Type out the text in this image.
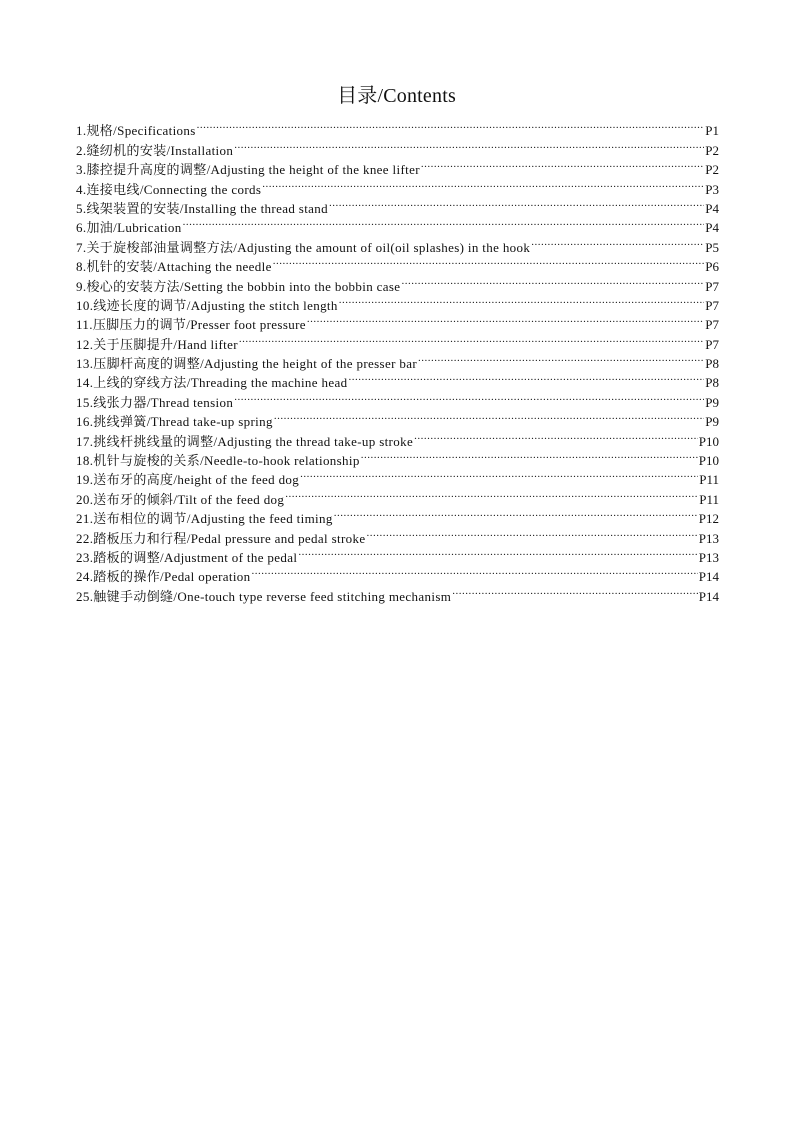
目录/Contents
1.规格/Specifications .....	P1
2.缝纫机的安装/Installation .....	P2
3.膝控提升高度的调整/Adjusting the height of the knee lifter .....	P2
4.连接电线/Connecting the cords .....	P3
5.线架装置的安装/Installing the thread stand .....	P4
6.加油/Lubrication .....	P4
7.关于旋梭部油量调整方法/Adjusting the amount of oil(oil splashes) in the hook .....	P5
8.机针的安装/Attaching the needle .....	P6
9.梭心的安装方法/Setting the bobbin into the bobbin case .....	P7
10.线迹长度的调节/Adjusting the stitch length .....	P7
11.压脚压力的调节/Presser foot pressure .....	P7
12.关于压脚提升/Hand lifter .....	P7
13.压脚杆高度的调整/Adjusting the height of the presser bar .....	P8
14.上线的穿线方法/Threading the machine head .....	P8
15.线张力器/Thread tension .....	P9
16.挑线弹簧/Thread take-up spring .....	P9
17.挑线杆挑线量的调整/Adjusting the thread take-up stroke .....	P10
18.机针与旋梭的关系/Needle-to-hook relationship .....	P10
19.送布牙的高度/height of the feed dog .....	P11
20.送布牙的倾斜/Tilt of the feed dog .....	P11
21.送布相位的调节/Adjusting the feed timing .....	P12
22.踏板压力和行程/Pedal pressure and pedal stroke .....	P13
23.踏板的调整/Adjustment of the pedal .....	P13
24.踏板的操作/Pedal operation .....	P14
25.触键手动倒缝/One-touch type reverse feed stitching mechanism .....	P14
